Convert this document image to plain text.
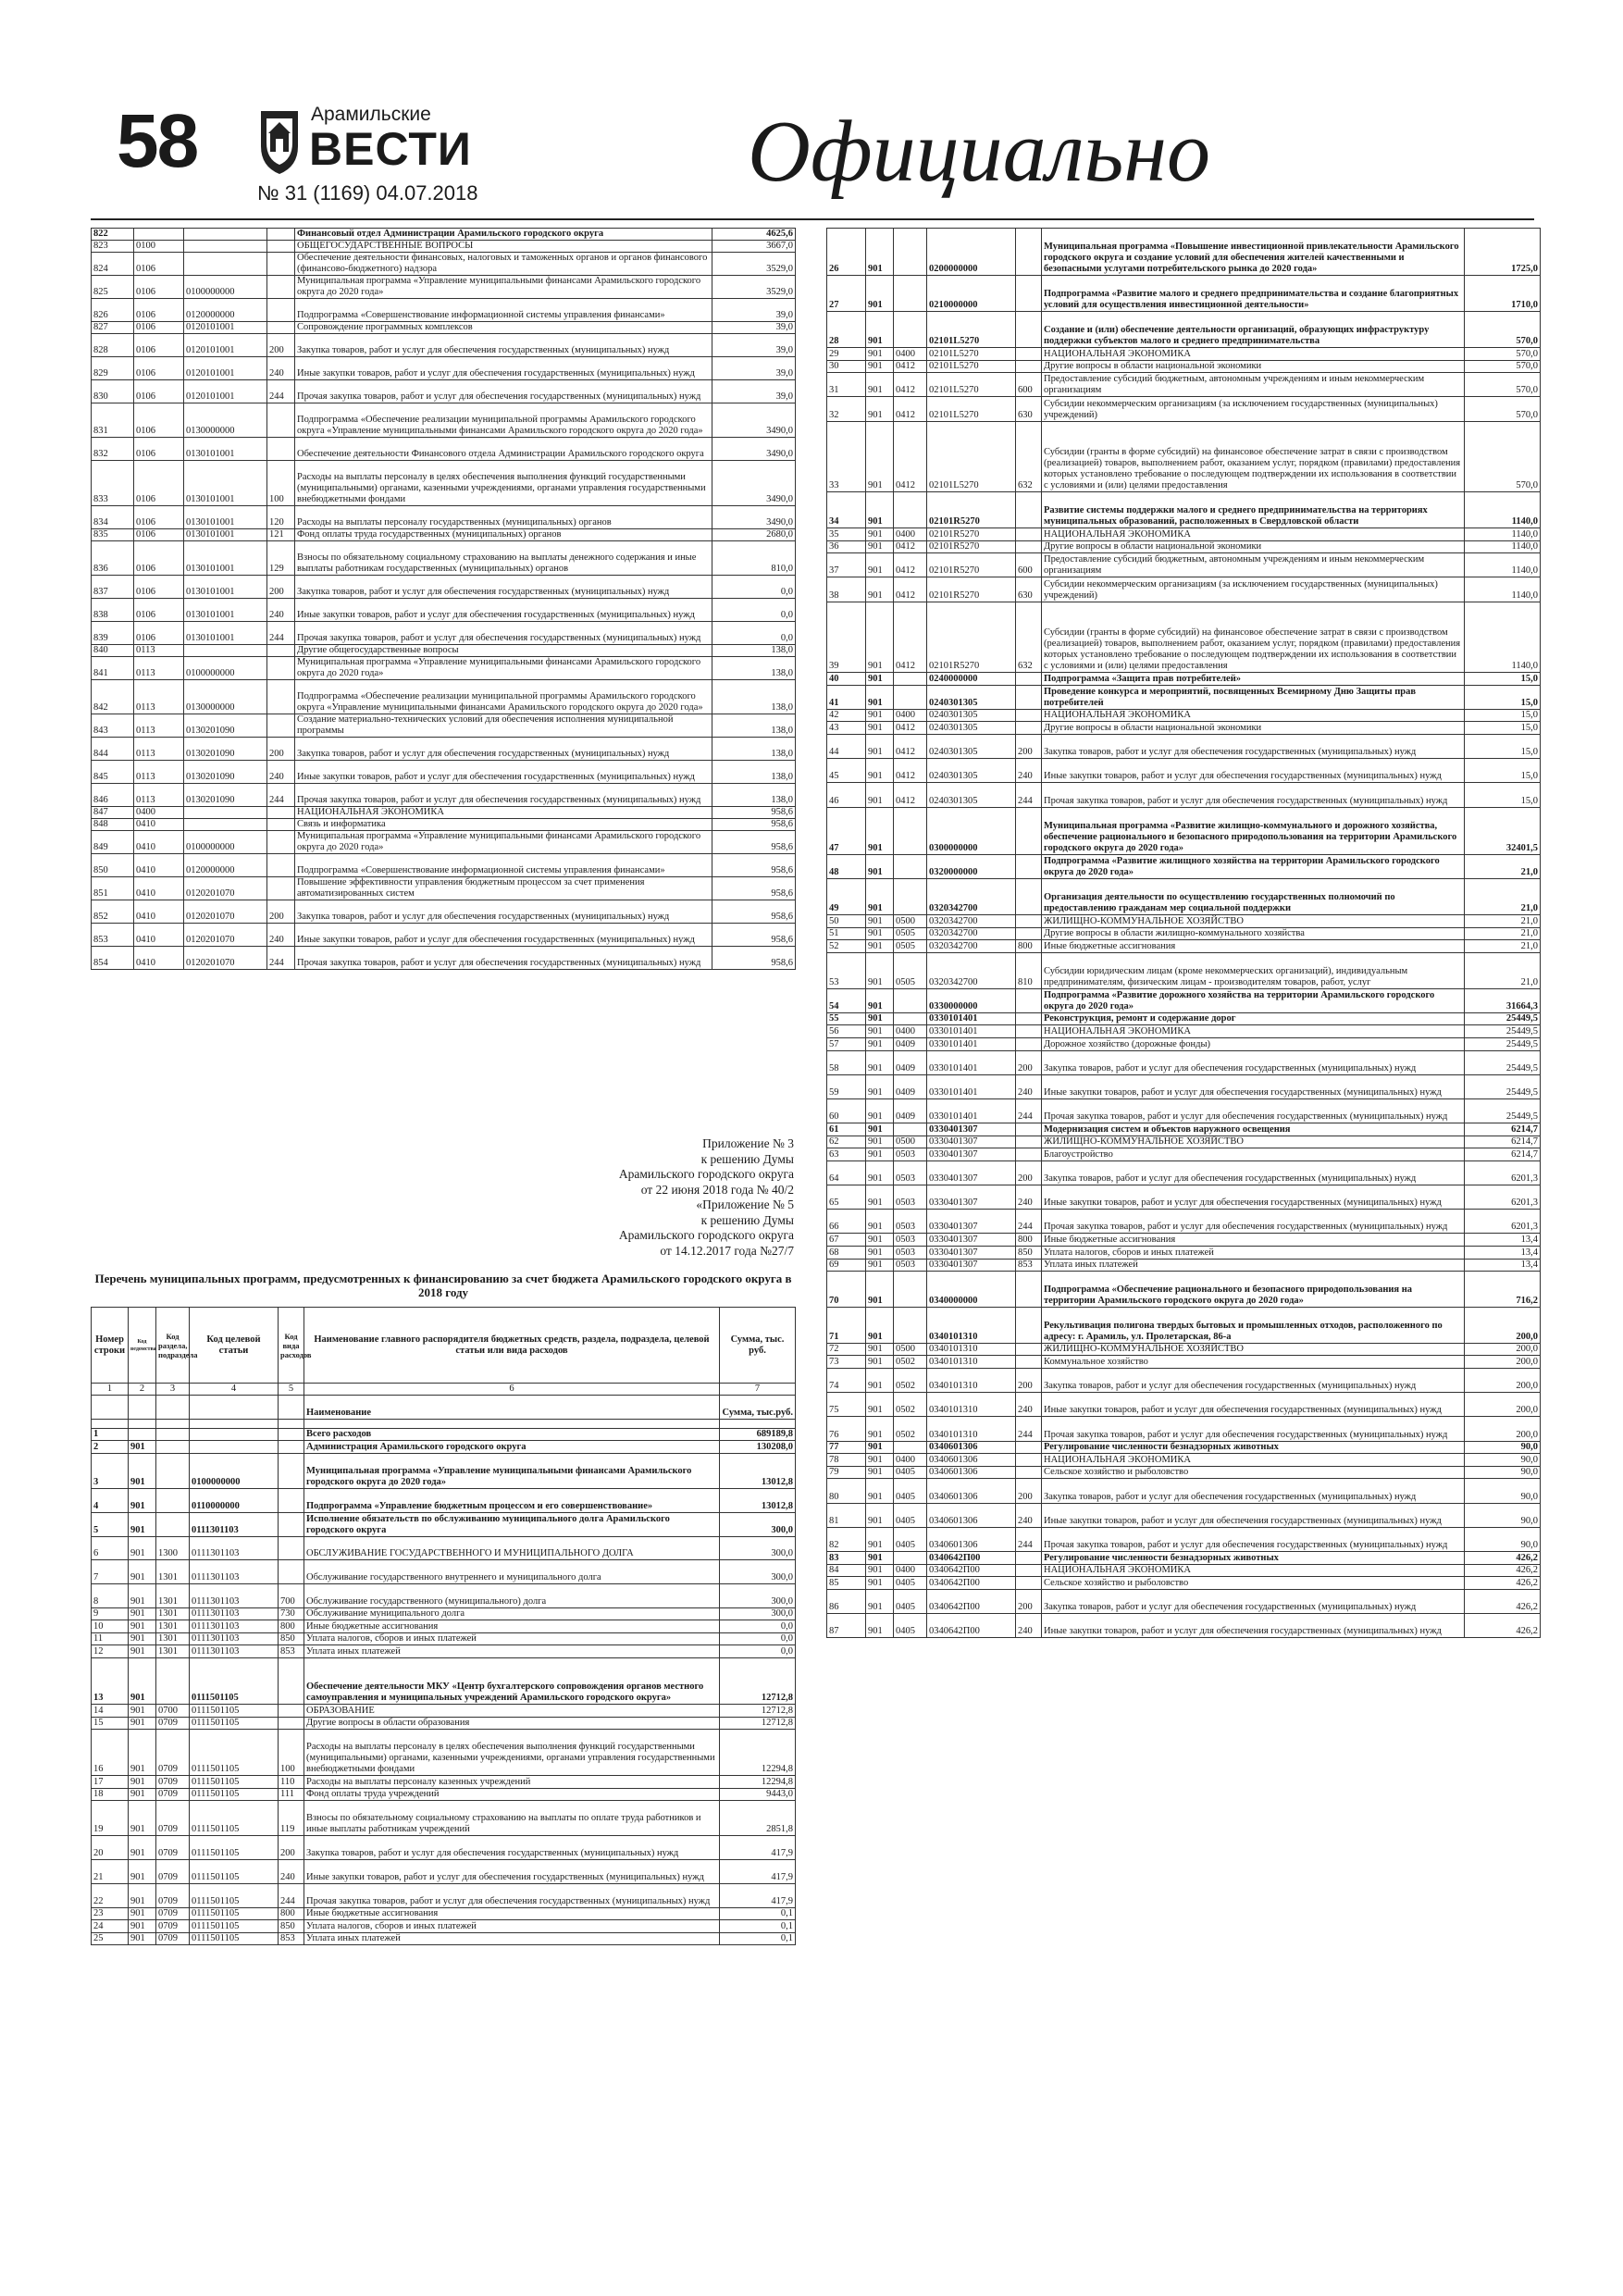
58	Арамильские
ВЕСТИ
№ 31 (1169) 04.07.2018	Официально
822				Финансовый отдел Администрации Арамильского городского округа	4625,6
823	0100			ОБЩЕГОСУДАРСТВЕННЫЕ ВОПРОСЫ	3667,0
824	0106			Обеспечение деятельности финансовых, налоговых и таможенных органов и органов финансового (финансово-бюджетного) надзора	3529,0
825	0106	0100000000		Муниципальная программа «Управление муниципальными финансами Арамильского городского округа до 2020 года»	3529,0
826	0106	0120000000		Подпрограмма «Совершенствование информационной системы управления финансами»	39,0
827	0106	0120101001		Сопровождение программных комплексов	39,0
828	0106	0120101001	200	Закупка товаров, работ и услуг для обеспечения государственных (муниципальных) нужд	39,0
829	0106	0120101001	240	Иные закупки товаров, работ и услуг для обеспечения государственных (муниципальных) нужд	39,0
830	0106	0120101001	244	Прочая закупка товаров, работ и услуг для обеспечения государственных (муниципальных) нужд	39,0
831	0106	0130000000		Подпрограмма «Обеспечение реализации муниципальной программы Арамильского городского округа «Управление муниципальными финансами Арамильского городского округа до 2020 года»	3490,0
832	0106	0130101001		Обеспечение деятельности Финансового отдела Администрации Арамильского городского округа	3490,0
833	0106	0130101001	100	Расходы на выплаты персоналу в целях обеспечения выполнения функций государственными (муниципальными) органами, казенными учреждениями, органами управления государственными внебюджетными фондами	3490,0
834	0106	0130101001	120	Расходы на выплаты персоналу государственных (муниципальных) органов	3490,0
835	0106	0130101001	121	Фонд оплаты труда государственных (муниципальных) органов	2680,0
836	0106	0130101001	129	Взносы по обязательному социальному страхованию на выплаты денежного содержания и иные выплаты работникам государственных (муниципальных) органов	810,0
837	0106	0130101001	200	Закупка товаров, работ и услуг для обеспечения государственных (муниципальных) нужд	0,0
838	0106	0130101001	240	Иные закупки товаров, работ и услуг для обеспечения государственных (муниципальных) нужд	0,0
839	0106	0130101001	244	Прочая закупка товаров, работ и услуг для обеспечения государственных (муниципальных) нужд	0,0
840	0113			Другие общегосударственные вопросы	138,0
841	0113	0100000000		Муниципальная программа «Управление муниципальными финансами Арамильского городского округа до 2020 года»	138,0
842	0113	0130000000		Подпрограмма «Обеспечение реализации муниципальной программы Арамильского городского округа «Управление муниципальными финансами Арамильского городского округа до 2020 года»	138,0
843	0113	0130201090		Создание материально-технических условий для обеспечения исполнения муниципальной программы	138,0
844	0113	0130201090	200	Закупка товаров, работ и услуг для обеспечения государственных (муниципальных) нужд	138,0
845	0113	0130201090	240	Иные закупки товаров, работ и услуг для обеспечения государственных (муниципальных) нужд	138,0
846	0113	0130201090	244	Прочая закупка товаров, работ и услуг для обеспечения государственных (муниципальных) нужд	138,0
847	0400			НАЦИОНАЛЬНАЯ ЭКОНОМИКА	958,6
848	0410			Связь и информатика	958,6
849	0410	0100000000		Муниципальная программа «Управление муниципальными финансами Арамильского городского округа до 2020 года»	958,6
850	0410	0120000000		Подпрограмма «Совершенствование информационной системы управления финансами»	958,6
851	0410	0120201070		Повышение эффективности управления бюджетным процессом за счет применения автоматизированных систем	958,6
852	0410	0120201070	200	Закупка товаров, работ и услуг для обеспечения государственных (муниципальных) нужд	958,6
853	0410	0120201070	240	Иные закупки товаров, работ и услуг для обеспечения государственных (муниципальных) нужд	958,6
854	0410	0120201070	244	Прочая закупка товаров, работ и услуг для обеспечения государственных (муниципальных) нужд	958,6
Приложение № 3
к решению Думы
Арамильского городского округа
от 22 июня 2018 года № 40/2
«Приложение № 5
к решению Думы
Арамильского городского округа
от 14.12.2017 года №27/7
Перечень муниципальных программ, предусмотренных к финансированию за счет бюджета Арамильского городского округа в 2018 году
Номер строки	Код ведомства	Код раздела, подраздела	Код целевой статьи	Код вида расходов	Наименование главного распорядителя бюджетных средств, раздела, подраздела, целевой статьи или вида расходов	Сумма, тыс. руб.
1	2	3	4	5	6	7
					Наименование	Сумма, тыс.руб.

1					Всего расходов	689189,8
2	901				Администрация Арамильского городского округа	130208,0
3	901		0100000000		Муниципальная программа «Управление муниципальными финансами Арамильского городского округа до 2020 года»	13012,8
4	901		0110000000		Подпрограмма «Управление бюджетным процессом и его совершенствование»	13012,8
5	901		0111301103		Исполнение обязательств по обслуживанию муниципального долга Арамильского городского округа	300,0
6	901	1300	0111301103		ОБСЛУЖИВАНИЕ ГОСУДАРСТВЕННОГО И МУНИЦИПАЛЬНОГО ДОЛГА	300,0
7	901	1301	0111301103		Обслуживание государственного внутреннего и муниципального долга	300,0
8	901	1301	0111301103	700	Обслуживание государственного (муниципального) долга	300,0
9	901	1301	0111301103	730	Обслуживание муниципального долга	300,0
10	901	1301	0111301103	800	Иные бюджетные ассигнования	0,0
11	901	1301	0111301103	850	Уплата налогов, сборов и иных платежей	0,0
12	901	1301	0111301103	853	Уплата иных платежей	0,0
13	901		0111501105		Обеспечение деятельности МКУ «Центр бухгалтерского сопровождения органов местного самоуправления и муниципальных учреждений Арамильского городского округа»	12712,8
14	901	0700	0111501105		ОБРАЗОВАНИЕ	12712,8
15	901	0709	0111501105		Другие вопросы в области образования	12712,8
16	901	0709	0111501105	100	Расходы на выплаты персоналу в целях обеспечения выполнения функций государственными (муниципальными) органами, казенными учреждениями, органами управления государственными внебюджетными фондами	12294,8
17	901	0709	0111501105	110	Расходы на выплаты персоналу казенных учреждений	12294,8
18	901	0709	0111501105	111	Фонд оплаты труда учреждений	9443,0
19	901	0709	0111501105	119	Взносы по обязательному социальному страхованию на выплаты по оплате труда работников и иные выплаты работникам учреждений	2851,8
20	901	0709	0111501105	200	Закупка товаров, работ и услуг для обеспечения государственных (муниципальных) нужд	417,9
21	901	0709	0111501105	240	Иные закупки товаров, работ и услуг для обеспечения государственных (муниципальных) нужд	417,9
22	901	0709	0111501105	244	Прочая закупка товаров, работ и услуг для обеспечения государственных (муниципальных) нужд	417,9
23	901	0709	0111501105	800	Иные бюджетные ассигнования	0,1
24	901	0709	0111501105	850	Уплата налогов, сборов и иных платежей	0,1
25	901	0709	0111501105	853	Уплата иных платежей	0,1
26	901		0200000000		Муниципальная программа «Повышение инвестиционной привлекательности Арамильского городского округа и создание условий для обеспечения жителей качественными и безопасными услугами потребительского рынка до 2020 года»	1725,0
27	901		0210000000		Подпрограмма «Развитие малого и среднего предпринимательства и создание благоприятных условий для осуществления инвестиционной деятельности»	1710,0
28	901		02101L5270		Создание и (или) обеспечение деятельности организаций, образующих инфраструктуру поддержки субъектов малого и среднего предпринимательства	570,0
29	901	0400	02101L5270		НАЦИОНАЛЬНАЯ ЭКОНОМИКА	570,0
30	901	0412	02101L5270		Другие вопросы в области национальной экономики	570,0
31	901	0412	02101L5270	600	Предоставление субсидий бюджетным, автономным учреждениям и иным некоммерческим организациям	570,0
32	901	0412	02101L5270	630	Субсидии некоммерческим организациям (за исключением государственных (муниципальных) учреждений)	570,0
33	901	0412	02101L5270	632	Субсидии (гранты в форме субсидий) на финансовое обеспечение затрат в связи с производством (реализацией) товаров, выполнением работ, оказанием услуг, порядком (правилами) предоставления которых установлено требование о последующем подтверждении их использования в соответствии с условиями и (или) целями предоставления	570,0
34	901		02101R5270		Развитие системы поддержки малого и среднего предпринимательства на территориях муниципальных образований, расположенных в Свердловской области	1140,0
35	901	0400	02101R5270		НАЦИОНАЛЬНАЯ ЭКОНОМИКА	1140,0
36	901	0412	02101R5270		Другие вопросы в области национальной экономики	1140,0
37	901	0412	02101R5270	600	Предоставление субсидий бюджетным, автономным учреждениям и иным некоммерческим организациям	1140,0
38	901	0412	02101R5270	630	Субсидии некоммерческим организациям (за исключением государственных (муниципальных) учреждений)	1140,0
39	901	0412	02101R5270	632	Субсидии (гранты в форме субсидий) на финансовое обеспечение затрат в связи с производством (реализацией) товаров, выполнением работ, оказанием услуг, порядком (правилами) предоставления которых установлено требование о последующем подтверждении их использования в соответствии с условиями и (или) целями предоставления	1140,0
40	901		0240000000		Подпрограмма «Защита прав потребителей»	15,0
41	901		0240301305		Проведение конкурса и мероприятий, посвященных Всемирному Дню Защиты прав потребителей	15,0
42	901	0400	0240301305		НАЦИОНАЛЬНАЯ ЭКОНОМИКА	15,0
43	901	0412	0240301305		Другие вопросы в области национальной экономики	15,0
44	901	0412	0240301305	200	Закупка товаров, работ и услуг для обеспечения государственных (муниципальных) нужд	15,0
45	901	0412	0240301305	240	Иные закупки товаров, работ и услуг для обеспечения государственных (муниципальных) нужд	15,0
46	901	0412	0240301305	244	Прочая закупка товаров, работ и услуг для обеспечения государственных (муниципальных) нужд	15,0
47	901		0300000000		Муниципальная программа «Развитие жилищно-коммунального и дорожного хозяйства, обеспечение рационального и безопасного природопользования на территории Арамильского городского округа до 2020 года»	32401,5
48	901		0320000000		Подпрограмма «Развитие жилищного хозяйства на территории Арамильского городского округа до 2020 года»	21,0
49	901		0320342700		Организация деятельности по осуществлению государственных полномочий по предоставлению гражданам мер социальной поддержки	21,0
50	901	0500	0320342700		ЖИЛИЩНО-КОММУНАЛЬНОЕ ХОЗЯЙСТВО	21,0
51	901	0505	0320342700		Другие вопросы в области жилищно-коммунального хозяйства	21,0
52	901	0505	0320342700	800	Иные бюджетные ассигнования	21,0
53	901	0505	0320342700	810	Субсидии юридическим лицам (кроме некоммерческих организаций), индивидуальным предпринимателям, физическим лицам - производителям товаров, работ, услуг	21,0
54	901		0330000000		Подпрограмма «Развитие дорожного хозяйства на территории Арамильского городского округа до 2020 года»	31664,3
55	901		0330101401		Реконструкция, ремонт и содержание дорог	25449,5
56	901	0400	0330101401		НАЦИОНАЛЬНАЯ ЭКОНОМИКА	25449,5
57	901	0409	0330101401		Дорожное хозяйство (дорожные фонды)	25449,5
58	901	0409	0330101401	200	Закупка товаров, работ и услуг для обеспечения государственных (муниципальных) нужд	25449,5
59	901	0409	0330101401	240	Иные закупки товаров, работ и услуг для обеспечения государственных (муниципальных) нужд	25449,5
60	901	0409	0330101401	244	Прочая закупка товаров, работ и услуг для обеспечения государственных (муниципальных) нужд	25449,5
61	901		0330401307		Модернизация систем и объектов наружного освещения	6214,7
62	901	0500	0330401307		ЖИЛИЩНО-КОММУНАЛЬНОЕ ХОЗЯЙСТВО	6214,7
63	901	0503	0330401307		Благоустройство	6214,7
64	901	0503	0330401307	200	Закупка товаров, работ и услуг для обеспечения государственных (муниципальных) нужд	6201,3
65	901	0503	0330401307	240	Иные закупки товаров, работ и услуг для обеспечения государственных (муниципальных) нужд	6201,3
66	901	0503	0330401307	244	Прочая закупка товаров, работ и услуг для обеспечения государственных (муниципальных) нужд	6201,3
67	901	0503	0330401307	800	Иные бюджетные ассигнования	13,4
68	901	0503	0330401307	850	Уплата налогов, сборов и иных платежей	13,4
69	901	0503	0330401307	853	Уплата иных платежей	13,4
70	901		0340000000		Подпрограмма «Обеспечение рационального и безопасного природопользования на территории Арамильского городского округа до 2020 года»	716,2
71	901		0340101310		Рекультивация полигона твердых бытовых и промышленных отходов, расположенного по адресу: г. Арамиль, ул. Пролетарская, 86-а	200,0
72	901	0500	0340101310		ЖИЛИЩНО-КОММУНАЛЬНОЕ ХОЗЯЙСТВО	200,0
73	901	0502	0340101310		Коммунальное хозяйство	200,0
74	901	0502	0340101310	200	Закупка товаров, работ и услуг для обеспечения государственных (муниципальных) нужд	200,0
75	901	0502	0340101310	240	Иные закупки товаров, работ и услуг для обеспечения государственных (муниципальных) нужд	200,0
76	901	0502	0340101310	244	Прочая закупка товаров, работ и услуг для обеспечения государственных (муниципальных) нужд	200,0
77	901		0340601306		Регулирование численности безнадзорных животных	90,0
78	901	0400	0340601306		НАЦИОНАЛЬНАЯ ЭКОНОМИКА	90,0
79	901	0405	0340601306		Сельское хозяйство и рыболовство	90,0
80	901	0405	0340601306	200	Закупка товаров, работ и услуг для обеспечения государственных (муниципальных) нужд	90,0
81	901	0405	0340601306	240	Иные закупки товаров, работ и услуг для обеспечения государственных (муниципальных) нужд	90,0
82	901	0405	0340601306	244	Прочая закупка товаров, работ и услуг для обеспечения государственных (муниципальных) нужд	90,0
83	901		0340642П00		Регулирование численности безнадзорных животных	426,2
84	901	0400	0340642П00		НАЦИОНАЛЬНАЯ ЭКОНОМИКА	426,2
85	901	0405	0340642П00		Сельское хозяйство и рыболовство	426,2
86	901	0405	0340642П00	200	Закупка товаров, работ и услуг для обеспечения государственных (муниципальных) нужд	426,2
87	901	0405	0340642П00	240	Иные закупки товаров, работ и услуг для обеспечения государственных (муниципальных) нужд	426,2
